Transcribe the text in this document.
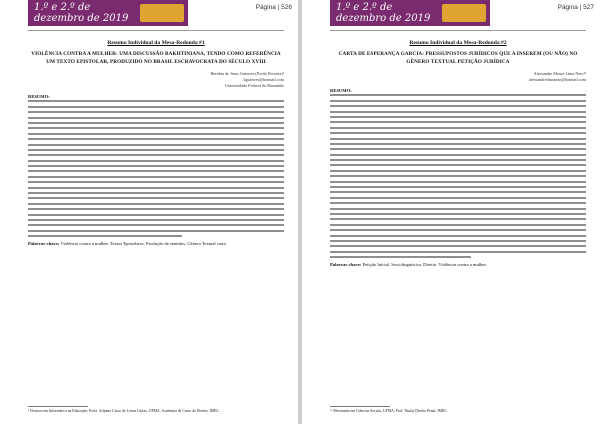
1.º e 2.º de
dezembro de 2019
Página | 526
Resumo Individual da Mesa-Redonda #1
VIOLÊNCIA CONTRA A MULHER: UMA DISCUSSÃO BAKHTINIANA, TENDO COMO REFERÊNCIA UM TEXTO EPISTOLAR, PRODUZIDO NO BRASIL ESCRAVOCRATA DO SÉCULO XVIII
Heridan de Jesus Guterres (Pavão Ferreira)¹
hguterres@hotmail.com
Universidade Federal do Maranhão
RESUMO:
Palavras-chave: Violência contra a mulher. Textos Epistolares. Produção de sentidos. Gênero Textual carta.
¹ Doutora em Informática na Educação; Profa. Adjunta Curso de Letras Libras, UFMA. Academia de Curso de Direito, IMEC.
1.º e 2.º de
dezembro de 2019
Página | 527
Resumo Individual da Mesa-Redonda #2
CARTA DE ESPERANÇA GARCIA: PRESSUPOSTOS JURÍDICOS QUE A INSEREM (OU NÃO) NO GÊNERO TEXTUAL PETIÇÃO JURÍDICA
Alessandre Moura Lima Neto¹²
alessandrelimaneto@hotmail.com
RESUMO:
Palavras-chave: Petição Inicial. Sociolinguística. Direito. Violência contra a mulher.
¹² Mestrando em Ciências Sociais, UFMA. Prof. Titular Direito Penal, IMEC.
